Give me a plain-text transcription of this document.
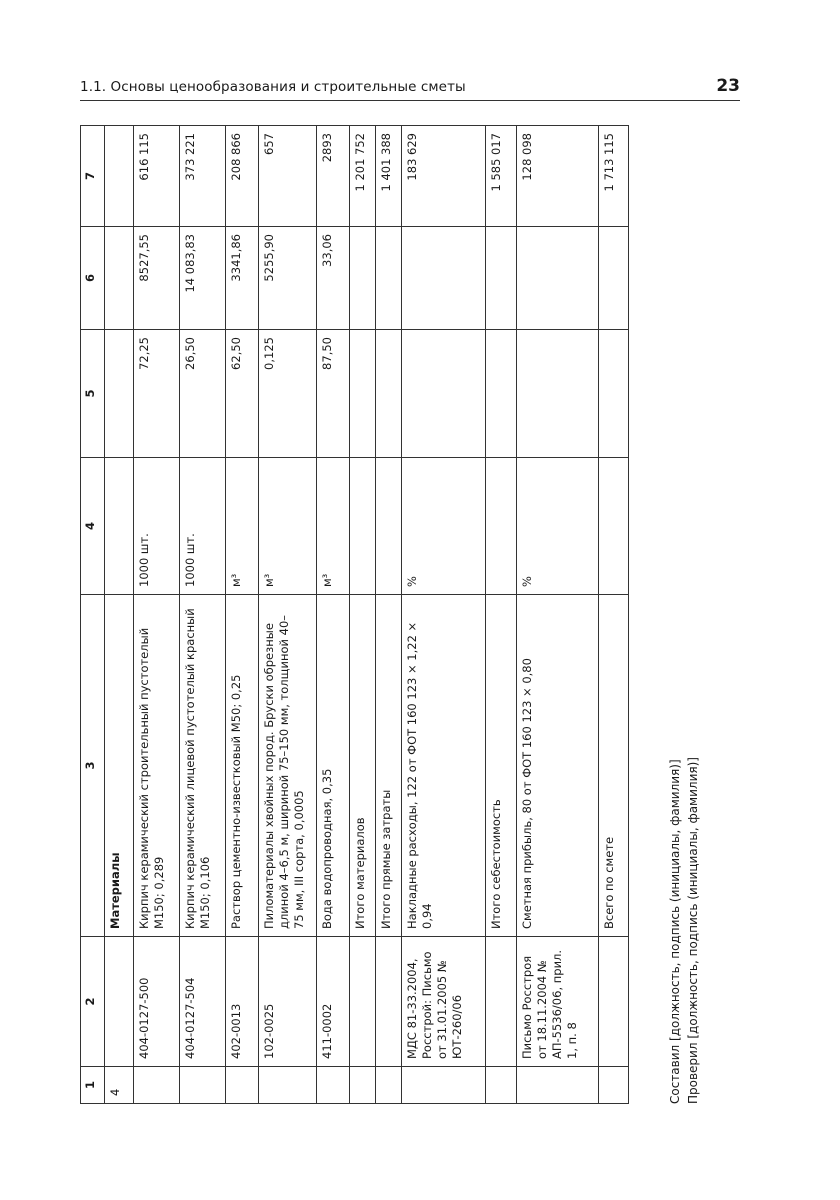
1.1. Основы ценообразования и строительные сметы	23
1	2	3	4	5	6	7
4		Материалы				
	404-0127-500	Кирпич керамический строительный пустотелый М150; 0,289	1000 шт.	72,25	8527,55	616 115
	404-0127-504	Кирпич керамический лицевой пустотелый красный М150; 0,106	1000 шт.	26,50	14 083,83	373 221
	402-0013	Раствор цементно-известковый М50; 0,25	м³	62,50	3341,86	208 866
	102-0025	Пиломатериалы хвойных пород. Бруски обрезные длиной 4–6,5 м, шириной 75–150 мм, толщиной 40–75 мм, III сорта, 0,0005	м³	0,125	5255,90	657
	411-0002	Вода водопроводная, 0,35	м³	87,50	33,06	2893
		Итого материалов				1 201 752
		Итого прямые затраты				1 401 388
	МДС 81-33.2004, Росстрой: Письмо от 31.01.2005 № ЮТ-260/06	Накладные расходы, 122 от ФОТ 160 123 × 1,22 × 0,94	%			183 629
		Итого себестоимость				1 585 017
	Письмо Росстроя от 18.11.2004 № АП-5536/06, прил. 1, п. 8	Сметная прибыль, 80 от ФОТ 160 123 × 0,80	%			128 098
		Всего по смете				1 713 115
Составил [должность, подпись (инициалы, фамилия)] Проверил [должность, подпись (инициалы, фамилия)]
